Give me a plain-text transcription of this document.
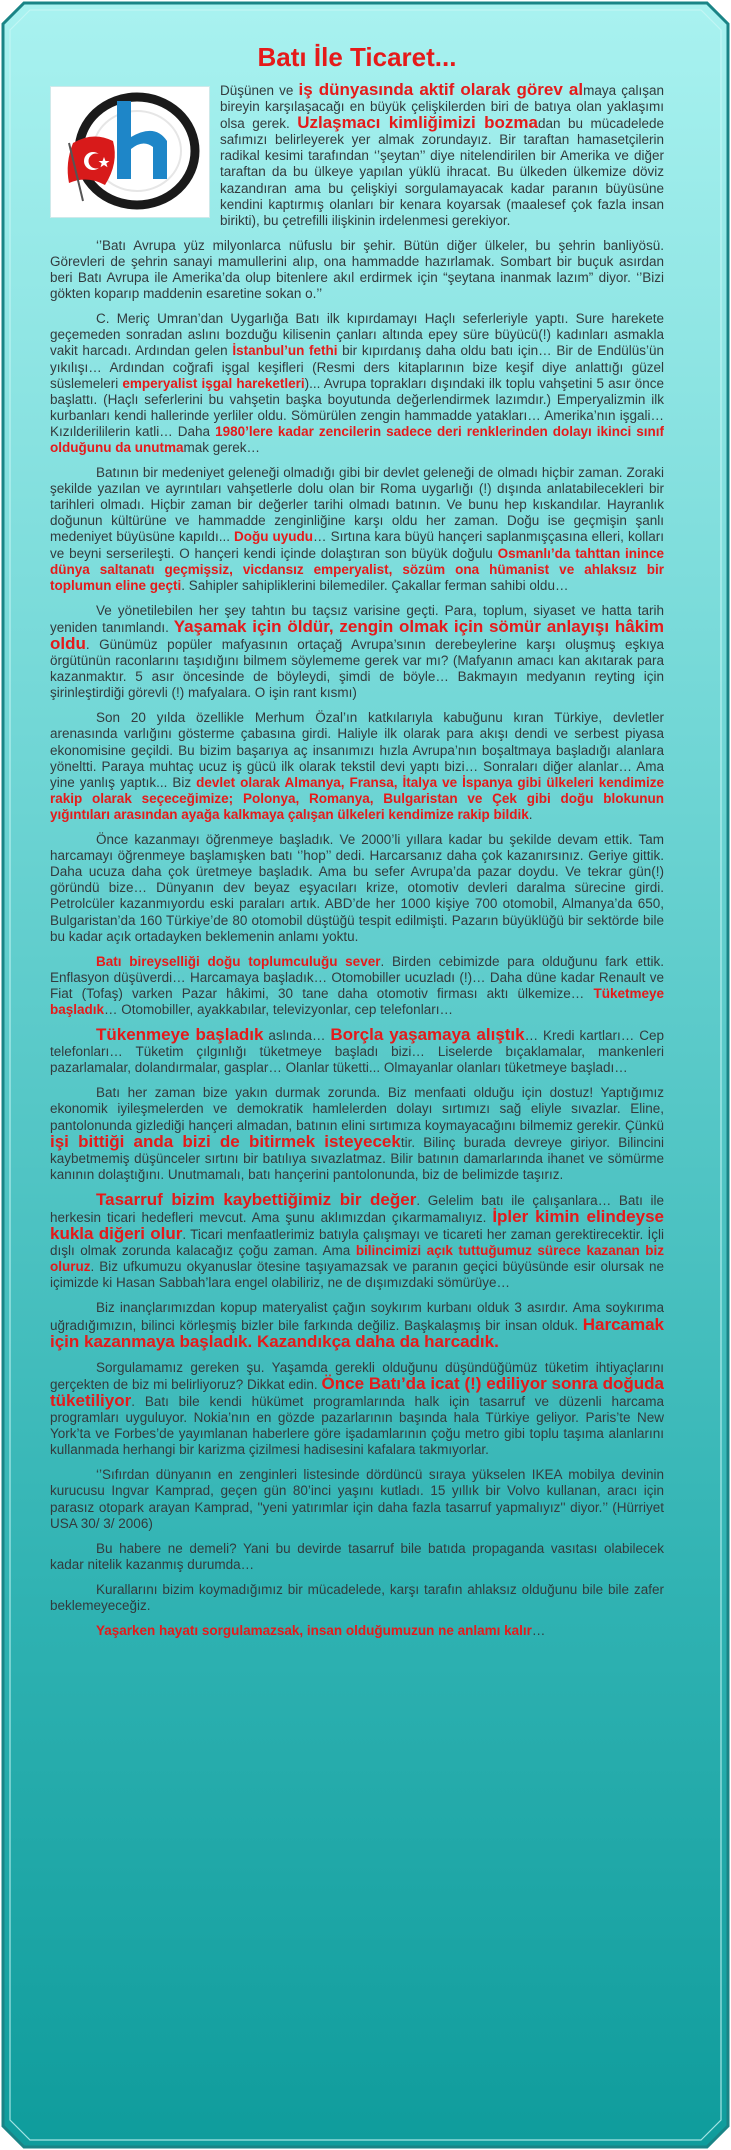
Batı İle Ticaret...

Düşünen ve iş dünyasında aktif olarak görev almaya çalışan bireyin karşılaşacağı en büyük çelişkilerden biri de batıya olan yaklaşımı olsa gerek. Uzlaşmacı kimliğimizi bozmadan bu mücadelede safımızı belirleyerek yer almak zorundayız. Bir taraftan hamasetçilerin radikal kesimi tarafından ‘’şeytan’’ diye nitelendirilen bir Amerika ve diğer taraftan da bu ülkeye yapılan yüklü ihracat. Bu ülkeden ülkemize döviz kazandıran ama bu çelişkiyi sorgulamayacak kadar paranın büyüsüne kendini kaptırmış olanları bir kenara koyarsak (maalesef çok fazla insan birikti), bu çetrefilli ilişkinin irdelenmesi gerekiyor.

‘’Batı Avrupa yüz milyonlarca nüfuslu bir şehir. Bütün diğer ülkeler, bu şehrin banliyösü. Görevleri de şehrin sanayi mamullerini alıp, ona hammadde hazırlamak. Sombart bir buçuk asırdan beri Batı Avrupa ile Amerika’da olup bitenlere akıl erdirmek için “şeytana inanmak lazım” diyor. ‘’Bizi gökten koparıp maddenin esaretine sokan o.’’

C. Meriç Umran’dan Uygarlığa Batı ilk kıpırdamayı Haçlı seferleriyle yaptı. Sure harekete geçemeden sonradan aslını bozduğu kilisenin çanları altında epey süre büyücü(!) kadınları asmakla vakit harcadı. Ardından gelen İstanbul’un fethi bir kıpırdanış daha oldu batı için… Bir de Endülüs’ün yıkılışı… Ardından coğrafi işgal keşifleri (Resmi ders kitaplarının bize keşif diye anlattığı güzel süslemeleri emperyalist işgal hareketleri)... Avrupa toprakları dışındaki ilk toplu vahşetini 5 asır önce başlattı. (Haçlı seferlerini bu vahşetin başka boyutunda değerlendirmek lazımdır.) Emperyalizmin ilk kurbanları kendi hallerinde yerliler oldu. Sömürülen zengin hammadde yatakları… Amerika’nın işgali… Kızılderililerin katli… Daha 1980’lere kadar zencilerin sadece deri renklerinden dolayı ikinci sınıf olduğunu da unutmamak gerek…

Batının bir medeniyet geleneği olmadığı gibi bir devlet geleneği de olmadı hiçbir zaman. Zoraki şekilde yazılan ve ayrıntıları vahşetlerle dolu olan bir Roma uygarlığı (!) dışında anlatabilecekleri bir tarihleri olmadı. Hiçbir zaman bir değerler tarihi olmadı batının. Ve bunu hep kıskandılar. Hayranlık doğunun kültürüne ve hammadde zenginliğine karşı oldu her zaman. Doğu ise geçmişin şanlı medeniyet büyüsüne kapıldı... Doğu uyudu… Sırtına kara büyü hançeri saplanmışçasına elleri, kolları ve beyni serserileşti. O hançeri kendi içinde dolaştıran son büyük doğulu Osmanlı’da tahttan inince dünya saltanatı geçmişsiz, vicdansız emperyalist, sözüm ona hümanist ve ahlaksız bir toplumun eline geçti. Sahipler sahipliklerini bilemediler. Çakallar ferman sahibi oldu…

Ve yönetilebilen her şey tahtın bu taçsız varisine geçti. Para, toplum, siyaset ve hatta tarih yeniden tanımlandı. Yaşamak için öldür, zengin olmak için sömür anlayışı hâkim oldu. Günümüz popüler mafyasının ortaçağ Avrupa’sının derebeylerine karşı oluşmuş eşkıya örgütünün raconlarını taşıdığını bilmem söylememe gerek var mı? (Mafyanın amacı kan akıtarak para kazanmaktır. 5 asır öncesinde de böyleydi, şimdi de böyle… Bakmayın medyanın reyting için şirinleştirdiği görevli (!) mafyalara. O işin rant kısmı)

Son 20 yılda özellikle Merhum Özal’ın katkılarıyla kabuğunu kıran Türkiye, devletler arenasında varlığını gösterme çabasına girdi. Haliyle ilk olarak para akışı dendi ve serbest piyasa ekonomisine geçildi. Bu bizim başarıya aç insanımızı hızla Avrupa’nın boşaltmaya başladığı alanlara yöneltti. Paraya muhtaç ucuz iş gücü ilk olarak tekstil devi yaptı bizi… Sonraları diğer alanlar… Ama yine yanlış yaptık... Biz devlet olarak Almanya, Fransa, İtalya ve İspanya gibi ülkeleri kendimize rakip olarak seçeceğimize; Polonya, Romanya, Bulgaristan ve Çek gibi doğu blokunun yığıntıları arasından ayağa kalkmaya çalışan ülkeleri kendimize rakip bildik.

Önce kazanmayı öğrenmeye başladık. Ve 2000’li yıllara kadar bu şekilde devam ettik. Tam harcamayı öğrenmeye başlamışken batı ‘’hop’’ dedi. Harcarsanız daha çok kazanırsınız. Geriye gittik. Daha ucuza daha çok üretmeye başladık. Ama bu sefer Avrupa’da pazar doydu. Ve tekrar gün(!) göründü bize… Dünyanın dev beyaz eşyacıları krize, otomotiv devleri daralma sürecine girdi. Petrolcüler kazanmıyordu eski paraları artık. ABD’de her 1000 kişiye 700 otomobil, Almanya’da 650, Bulgaristan’da 160 Türkiye’de 80 otomobil düştüğü tespit edilmişti. Pazarın büyüklüğü bir sektörde bile bu kadar açık ortadayken beklemenin anlamı yoktu.

Batı bireyselliği doğu toplumculuğu sever. Birden cebimizde para olduğunu fark ettik. Enflasyon düşüverdi… Harcamaya başladık… Otomobiller ucuzladı (!)… Daha düne kadar Renault ve Fiat (Tofaş) varken Pazar hâkimi, 30 tane daha otomotiv firması aktı ülkemize… Tüketmeye başladık… Otomobiller, ayakkabılar, televizyonlar, cep telefonları…

Tükenmeye başladık aslında… Borçla yaşamaya alıştık… Kredi kartları… Cep telefonları… Tüketim çılgınlığı tüketmeye başladı bizi… Liselerde bıçaklamalar, mankenleri pazarlamalar, dolandırmalar, gasplar… Olanlar tüketti... Olmayanlar olanları tüketmeye başladı…

Batı her zaman bize yakın durmak zorunda. Biz menfaati olduğu için dostuz! Yaptığımız ekonomik iyileşmelerden ve demokratik hamlelerden dolayı sırtımızı sağ eliyle sıvazlar. Eline, pantolonunda gizlediği hançeri almadan, batının elini sırtımıza koymayacağını bilmemiz gerekir. Çünkü işi bittiği anda bizi de bitirmek isteyecektir. Bilinç burada devreye giriyor. Bilincini kaybetmemiş düşünceler sırtını bir batılıya sıvazlatmaz. Bilir batının damarlarında ihanet ve sömürme kanının dolaştığını. Unutmamalı, batı hançerini pantolonunda, biz de belimizde taşırız.

Tasarruf bizim kaybettiğimiz bir değer. Gelelim batı ile çalışanlara… Batı ile herkesin ticari hedefleri mevcut. Ama şunu aklımızdan çıkarmamalıyız. İpler kimin elindeyse kukla diğeri olur. Ticari menfaatlerimiz batıyla çalışmayı ve ticareti her zaman gerektirecektir. İçli dışlı olmak zorunda kalacağız çoğu zaman. Ama bilincimizi açık tuttuğumuz sürece kazanan biz oluruz. Biz ufkumuzu okyanuslar ötesine taşıyamazsak ve paranın geçici büyüsünde esir olursak ne içimizde ki Hasan Sabbah’lara engel olabiliriz, ne de dışımızdaki sömürüye…

Biz inançlarımızdan kopup materyalist çağın soykırım kurbanı olduk 3 asırdır. Ama soykırıma uğradığımızın, bilinci körleşmiş bizler bile farkında değiliz. Başkalaşmış bir insan olduk. Harcamak için kazanmaya başladık. Kazandıkça daha da harcadık.

Sorgulamamız gereken şu. Yaşamda gerekli olduğunu düşündüğümüz tüketim ihtiyaçlarını gerçekten de biz mi belirliyoruz? Dikkat edin. Önce Batı’da icat (!) ediliyor sonra doğuda tüketiliyor. Batı bile kendi hükümet programlarında halk için tasarruf ve düzenli harcama programları uyguluyor. Nokia’nın en gözde pazarlarının başında hala Türkiye geliyor. Paris’te New York’ta ve Forbes’de yayımlanan haberlere göre işadamlarının çoğu metro gibi toplu taşıma alanlarını kullanmada herhangi bir karizma çizilmesi hadisesini kafalara takmıyorlar.

‘’Sıfırdan dünyanın en zenginleri listesinde dördüncü sıraya yükselen IKEA mobilya devinin kurucusu Ingvar Kamprad, geçen gün 80’inci yaşını kutladı. 15 yıllık bir Volvo kullanan, aracı için parasız otopark arayan Kamprad, ''yeni yatırımlar için daha fazla tasarruf yapmalıyız'' diyor.’’ (Hürriyet USA 30/ 3/ 2006)

Bu habere ne demeli? Yani bu devirde tasarruf bile batıda propaganda vasıtası olabilecek kadar nitelik kazanmış durumda…

Kurallarını bizim koymadığımız bir mücadelede, karşı tarafın ahlaksız olduğunu bile bile zafer beklemeyeceğiz.

Yaşarken hayatı sorgulamazsak, insan olduğumuzun ne anlamı kalır…
